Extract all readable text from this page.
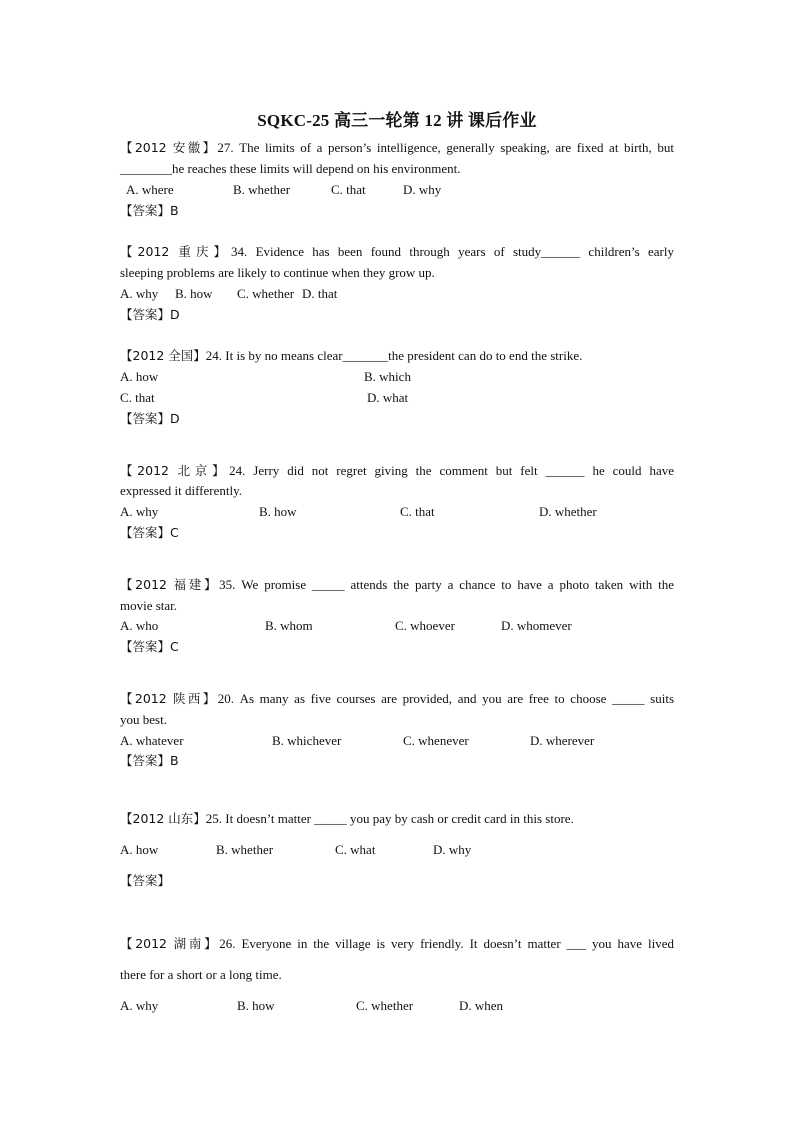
SQKC-25 高三一轮第 12 讲 课后作业
【2012 安徽】27. The limits of a person’s intelligence, generally speaking, are fixed at birth, but
________he reaches these limits will depend on his environment.
A. where	B. whether	C. that	D. why
【答案】B
【2012 重庆】34. Evidence has been found through years of study______ children’s early
sleeping problems are likely to continue when they grow up.
A. why B. how C. whether D. that
【答案】D
【2012 全国】24. It is by no means clear_______the president can do to end the strike.
A. how	B. which
C. that	D. what
【答案】D
【2012 北京】24. Jerry did not regret giving the comment but felt ______ he could have
expressed it differently.
A. why	B. how	C. that	D. whether
【答案】C
【2012 福建】35. We promise _____ attends the party a chance to have a photo taken with the
movie star.
A. who	B. whom	C. whoever	D. whomever
【答案】C
【2012 陕西】20. As many as five courses are provided, and you are free to choose _____ suits
you best.
A. whatever	B. whichever	C. whenever	D. wherever
【答案】B
【2012 山东】25. It doesn’t matter _____ you pay by cash or credit card in this store.
A. how	B. whether	C. what	D. why
【答案】
【2012 湖南】26. Everyone in the village is very friendly. It doesn’t matter ___ you have lived
there for a short or a long time.
A. why	B. how	C. whether	D. when
